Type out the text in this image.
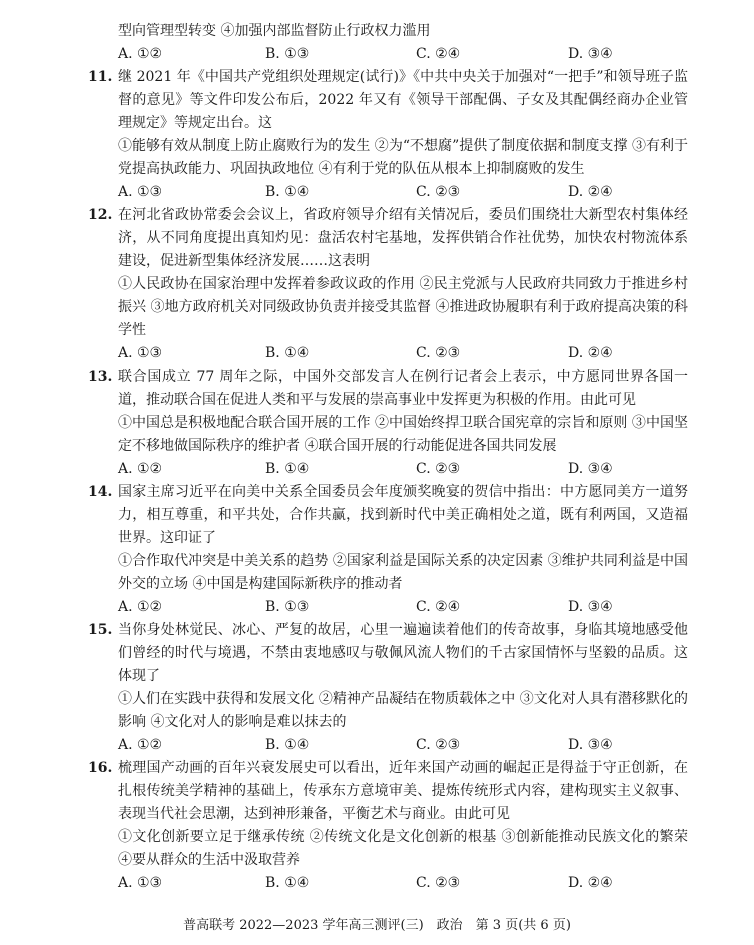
型向管理型转变 ④加强内部监督防止行政权力滥用

A. ①②	B. ①③	C. ②④	D. ③④
11. 继 2021 年《中国共产党组织处理规定(试行)》《中共中央关于加强对“一把手”和领导班子监督的意见》等文件印发公布后，2022 年又有《领导干部配偶、子女及其配偶经商办企业管理规定》等规定出台。这

①能够有效从制度上防止腐败行为的发生 ②为“不想腐”提供了制度依据和制度支撑 ③有利于党提高执政能力、巩固执政地位 ④有利于党的队伍从根本上抑制腐败的发生

A. ①③	B. ①④	C. ②③	D. ②④
12. 在河北省政协常委会会议上，省政府领导介绍有关情况后，委员们围绕壮大新型农村集体经济，从不同角度提出真知灼见：盘活农村宅基地，发挥供销合作社优势，加快农村物流体系建设，促进新型集体经济发展……这表明

①人民政协在国家治理中发挥着参政议政的作用 ②民主党派与人民政府共同致力于推进乡村振兴 ③地方政府机关对同级政协负责并接受其监督 ④推进政协履职有利于政府提高决策的科学性

A. ①③	B. ①④	C. ②③	D. ②④
13. 联合国成立 77 周年之际，中国外交部发言人在例行记者会上表示，中方愿同世界各国一道，推动联合国在促进人类和平与发展的崇高事业中发挥更为积极的作用。由此可见

①中国总是积极地配合联合国开展的工作 ②中国始终捍卫联合国宪章的宗旨和原则 ③中国坚定不移地做国际秩序的维护者 ④联合国开展的行动能促进各国共同发展

A. ①②	B. ①④	C. ②③	D. ③④
14. 国家主席习近平在向美中关系全国委员会年度颁奖晚宴的贺信中指出：中方愿同美方一道努力，相互尊重，和平共处，合作共赢，找到新时代中美正确相处之道，既有利两国，又造福世界。这印证了

①合作取代冲突是中美关系的趋势 ②国家利益是国际关系的决定因素 ③维护共同利益是中国外交的立场 ④中国是构建国际新秩序的推动者

A. ①②	B. ①③	C. ②④	D. ③④
15. 当你身处林觉民、冰心、严复的故居，心里一遍遍读着他们的传奇故事，身临其境地感受他们曾经的时代与境遇，不禁由衷地感叹与敬佩风流人物们的千古家国情怀与坚毅的品质。这体现了

①人们在实践中获得和发展文化 ②精神产品凝结在物质载体之中 ③文化对人具有潜移默化的影响 ④文化对人的影响是难以抹去的

A. ①②	B. ①④	C. ②③	D. ③④
16. 梳理国产动画的百年兴衰发展史可以看出，近年来国产动画的崛起正是得益于守正创新，在扎根传统美学精神的基础上，传承东方意境审美、提炼传统形式内容，建构现实主义叙事、表现当代社会思潮，达到神形兼备，平衡艺术与商业。由此可见

①文化创新要立足于继承传统 ②传统文化是文化创新的根基 ③创新能推动民族文化的繁荣 ④要从群众的生活中汲取营养

A. ①③	B. ①④	C. ②③	D. ②④
普高联考 2022—2023 学年高三测评(三)　政治　第 3 页(共 6 页)
